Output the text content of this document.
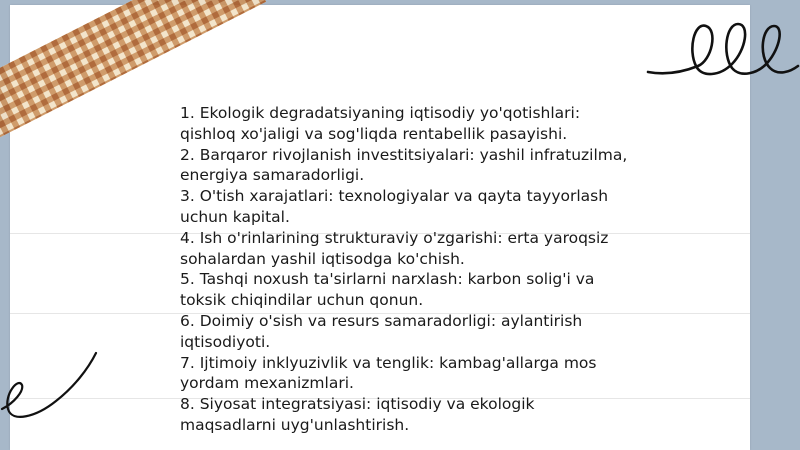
1. Ekologik degradatsiyaning iqtisodiy yo'qotishlari: qishloq xo'jaligi va sog'liqda rentabellik pasayishi.
2. Barqaror rivojlanish investitsiyalari: yashil infratuzilma, energiya samaradorligi.
3. O'tish xarajatlari: texnologiyalar va qayta tayyorlash uchun kapital.
4. Ish o'rinlarining strukturaviy o'zgarishi: erta yaroqsiz sohalardan yashil iqtisodga ko'chish.
5. Tashqi noxush ta'sirlarni narxlash: karbon solig'i va toksik chiqindilar uchun qonun.
6. Doimiy o'sish va resurs samaradorligi: aylantirish iqtisodiyoti.
7. Ijtimoiy inklyuzivlik va tenglik: kambag'allarga mos yordam mexanizmlari.
8. Siyosat integratsiyasi: iqtisodiy va ekologik maqsadlarni uyg'unlashtirish.
